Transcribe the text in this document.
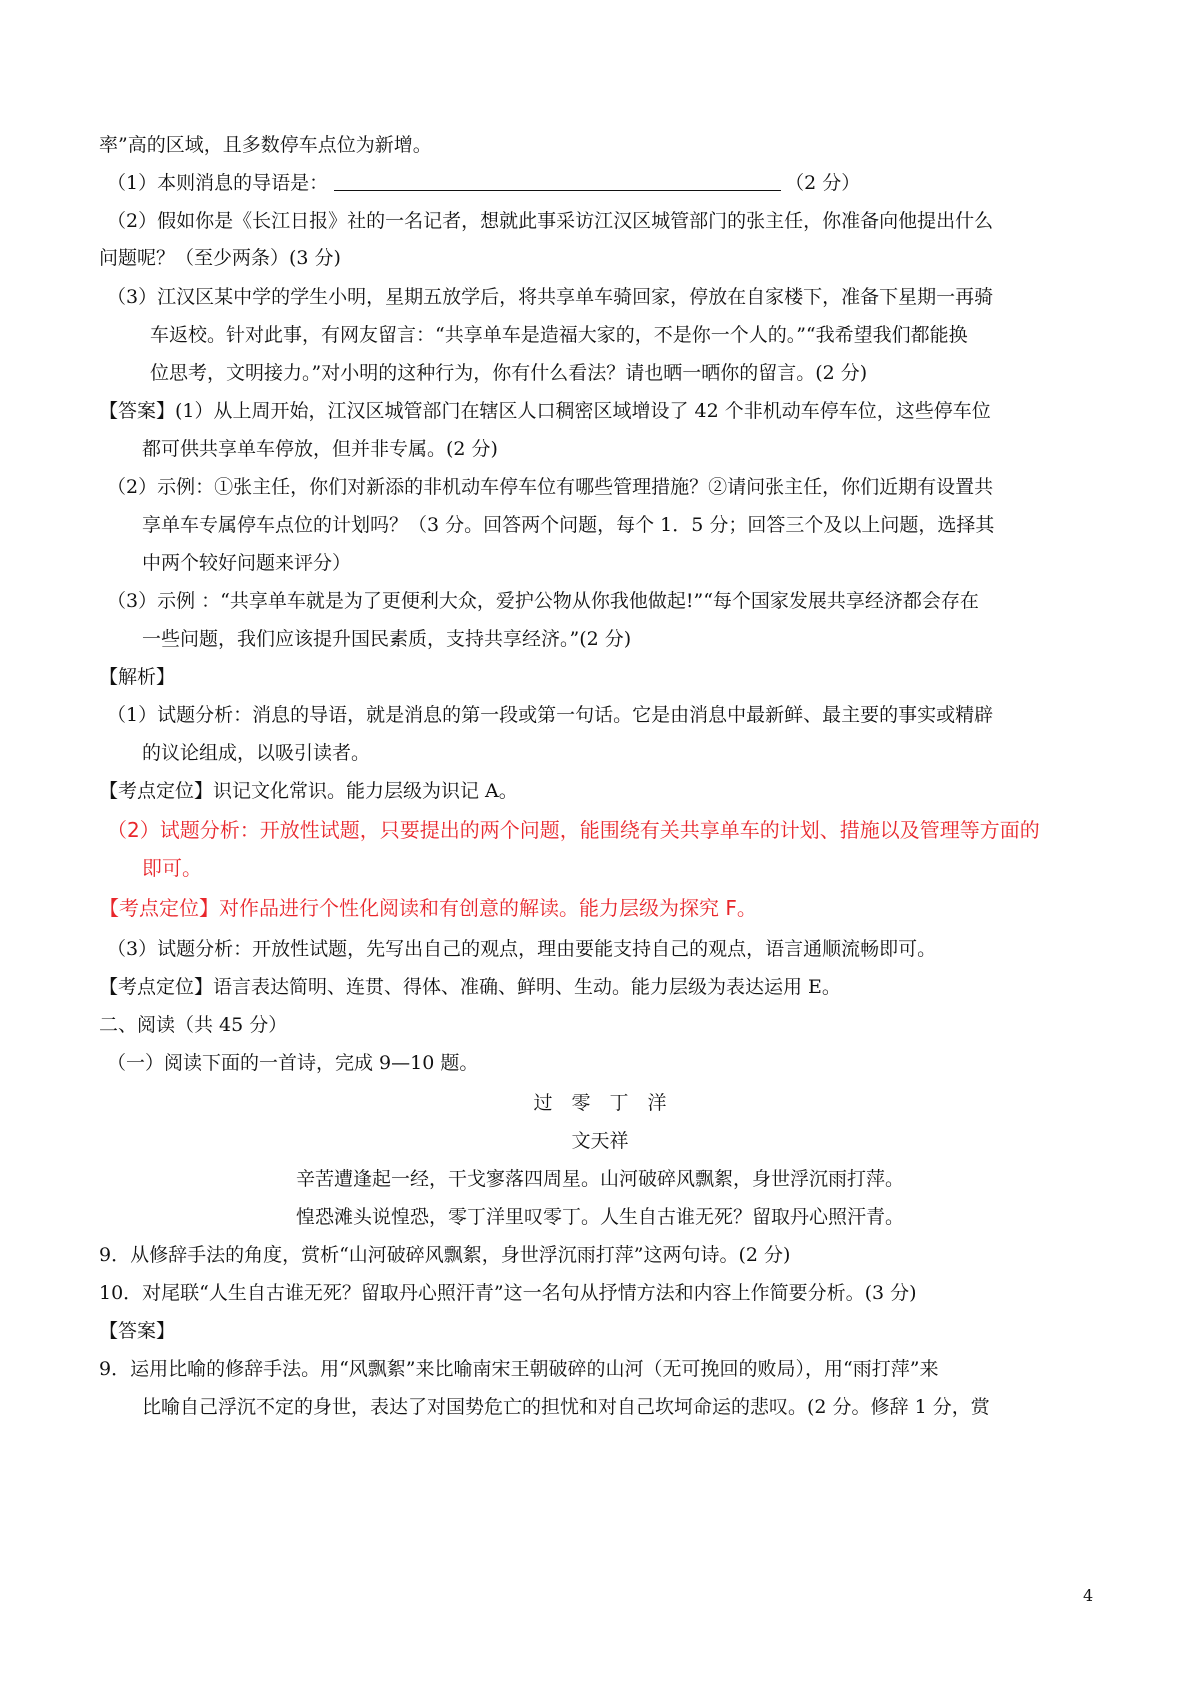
率”高的区域，且多数停车点位为新增。
（1）本则消息的导语是：	（2 分）
（2）假如你是《长江日报》社的一名记者，想就此事采访江汉区城管部门的张主任，你准备向他提出什么
问题呢？（至少两条）(3 分)
（3）江汉区某中学的学生小明，星期五放学后，将共享单车骑回家，停放在自家楼下，准备下星期一再骑
车返校。针对此事，有网友留言：“共享单车是造福大家的，不是你一个人的。”“我希望我们都能换
位思考，文明接力。”对小明的这种行为，你有什么看法？请也晒一晒你的留言。(2 分)
【答案】(1）从上周开始，江汉区城管部门在辖区人口稠密区域增设了 42 个非机动车停车位，这些停车位
都可供共享单车停放，但并非专属。(2 分)
（2）示例：①张主任，你们对新添的非机动车停车位有哪些管理措施？②请问张主任，你们近期有设置共
享单车专属停车点位的计划吗？（3 分。回答两个问题，每个 1．5 分；回答三个及以上问题，选择其
中两个较好问题来评分）
（3）示例 ：“共享单车就是为了更便利大众，爱护公物从你我他做起!”“每个国家发展共享经济都会存在
一些问题，我们应该提升国民素质，支持共享经济。”(2 分)
【解析】
（1）试题分析：消息的导语，就是消息的第一段或第一句话。它是由消息中最新鲜、最主要的事实或精辟
的议论组成，以吸引读者。
【考点定位】识记文化常识。能力层级为识记 A。
（2）试题分析：开放性试题，只要提出的两个问题，能围绕有关共享单车的计划、措施以及管理等方面的
即可。
【考点定位】对作品进行个性化阅读和有创意的解读。能力层级为探究 F。
（3）试题分析：开放性试题，先写出自己的观点，理由要能支持自己的观点，语言通顺流畅即可。
【考点定位】语言表达简明、连贯、得体、准确、鲜明、生动。能力层级为表达运用 E。
二、阅读（共 45 分）
（一）阅读下面的一首诗，完成 9—10 题。
过　零　丁　洋
文天祥
辛苦遭逢起一经，干戈寥落四周星。山河破碎风飘絮，身世浮沉雨打萍。
惶恐滩头说惶恐，零丁洋里叹零丁。人生自古谁无死？留取丹心照汗青。
9．从修辞手法的角度，赏析“山河破碎风飘絮，身世浮沉雨打萍”这两句诗。(2 分)
10．对尾联“人生自古谁无死？留取丹心照汗青”这一名句从抒情方法和内容上作简要分析。(3 分)
【答案】
9．运用比喻的修辞手法。用“风飘絮”来比喻南宋王朝破碎的山河（无可挽回的败局），用“雨打萍”来
比喻自己浮沉不定的身世，表达了对国势危亡的担忧和对自己坎坷命运的悲叹。(2 分。修辞 1 分，赏
4
